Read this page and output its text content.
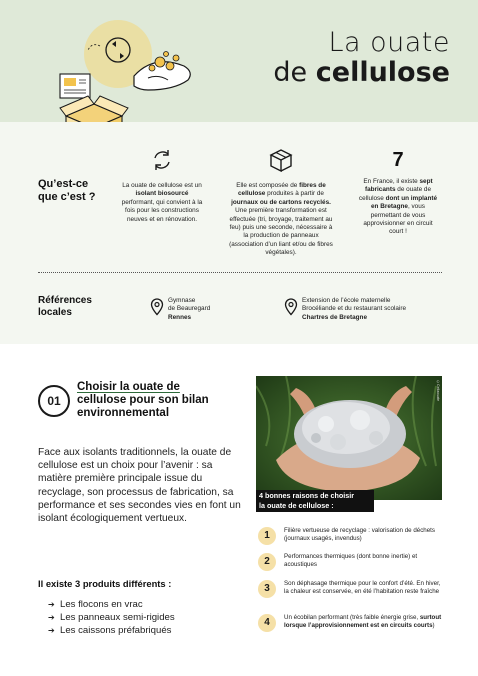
La ouate
de cellulose
Qu’est-ce que c’est ?
La ouate de cellulose est un isolant biosourcé performant, qui convient à la fois pour les constructions neuves et en rénovation.
Elle est composée de fibres de cellulose produites à partir de journaux ou de cartons recyclés. Une première transformation est effectuée (tri, broyage, traitement au feu) puis une seconde, nécessaire à la production de panneaux (association d’un liant et/ou de fibres végétales).
7
En France, il existe sept fabricants de ouate de cellulose dont un implanté en Bretagne, vous permettant de vous approvisionner en circuit court !
Références locales
Gymnase
de Beauregard
Rennes
Extension de l’école maternelle
Brocéliande et du restaurant scolaire
Chartres de Bretagne
01
Choisir la ouate de
cellulose pour son bilan
environnemental
Face aux isolants traditionnels, la ouate de cellulose est un choix pour l’avenir : sa matière première principale issue du recyclage, son processus de fabrication, sa performance et ses secondes vies en font un isolant écologiquement vertueux.
Il existe 3 produits différents :
➔ Les flocons en vrac
➔ Les panneaux semi-rigides
➔ Les caissons préfabriqués
©Cellaouate
4 bonnes raisons de choisir
la ouate de cellulose :
1	Filière vertueuse de recyclage : valorisation de déchets (journaux usagés, invendus)
2	Performances thermiques (dont bonne inertie) et acoustiques
3	Son déphasage thermique pour le confort d’été. En hiver, la chaleur est conservée, en été l’habitation reste fraîche
4	Un écobilan performant (très faible énergie grise, surtout lorsque l’approvisionnement est en circuits courts)
